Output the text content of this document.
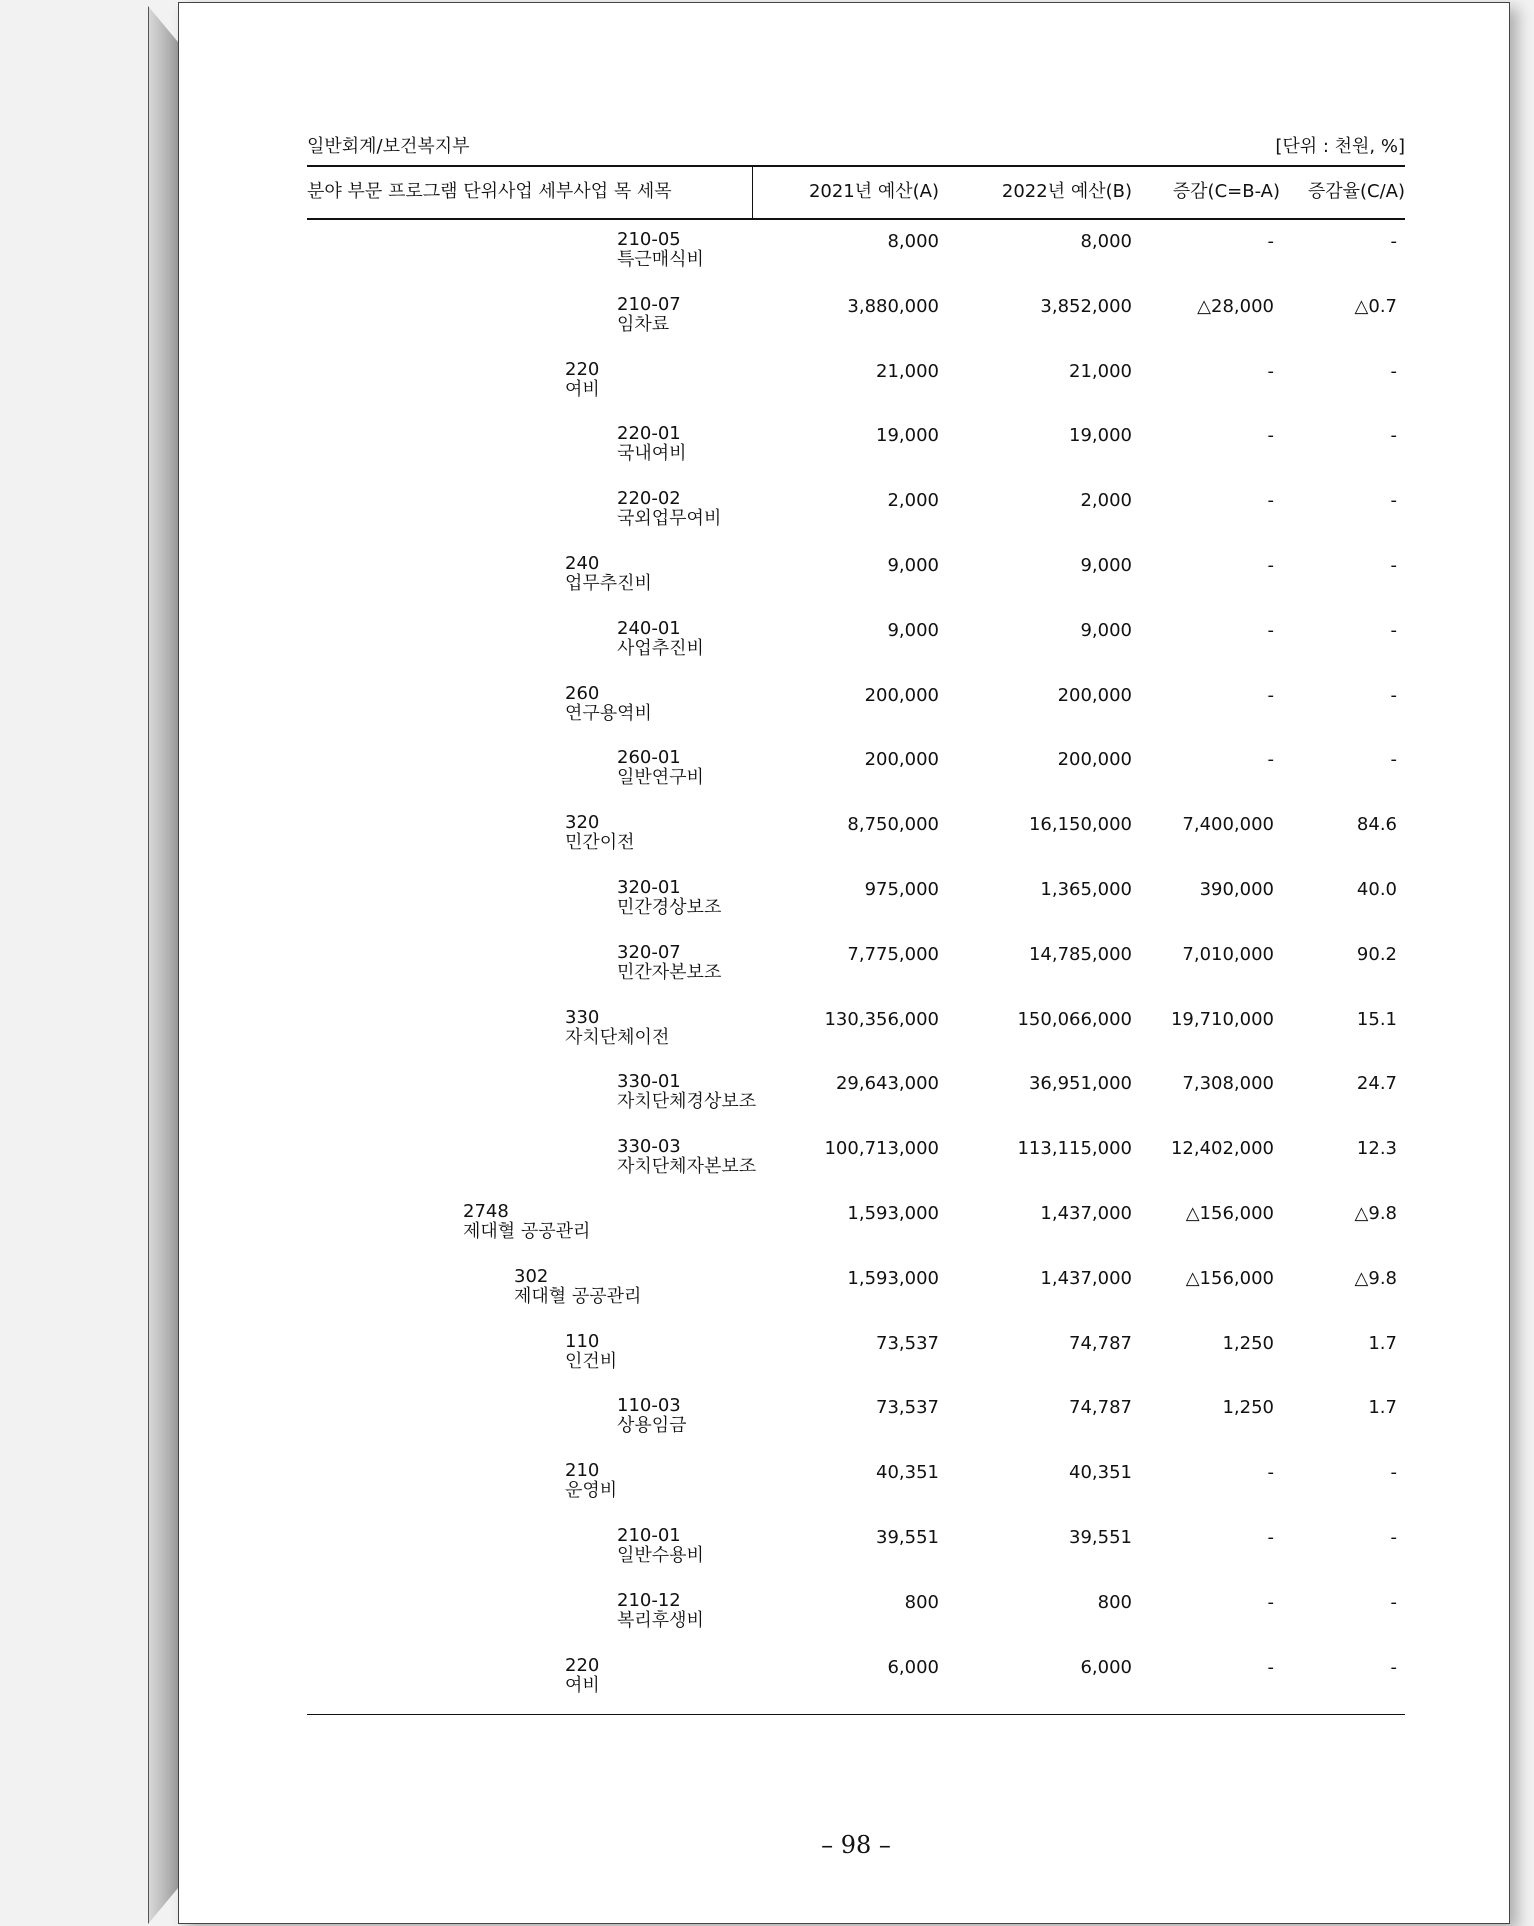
일반회계/보건복지부	[단위 : 천원, %]
분야 부문 프로그램 단위사업 세부사업 목 세목	2021년 예산(A)	2022년 예산(B) 증감(C=B-A) 증감율(C/A)
210-05
특근매식비
8,000	8,000	-	-
210-07
임차료
3,880,000	3,852,000	△28,000	△0.7
220
여비
21,000	21,000	-	-
220-01
국내여비
19,000	19,000	-	-
220-02
국외업무여비
2,000	2,000	-	-
240
업무추진비
9,000	9,000	-	-
240-01
사업추진비
9,000	9,000	-	-
260
연구용역비
200,000	200,000	-	-
260-01
일반연구비
200,000	200,000	-	-
320
민간이전
8,750,000	16,150,000	7,400,000	84.6
320-01
민간경상보조
975,000	1,365,000	390,000	40.0
320-07
민간자본보조
7,775,000	14,785,000	7,010,000	90.2
330
자치단체이전
130,356,000	150,066,000 19,710,000	15.1
330-01
자치단체경상보조
29,643,000	36,951,000	7,308,000	24.7
330-03
자치단체자본보조
100,713,000	113,115,000 12,402,000	12.3
2748
제대혈 공공관리
1,593,000	1,437,000	△156,000	△9.8
302
제대혈 공공관리
1,593,000	1,437,000	△156,000	△9.8
110
인건비
73,537	74,787	1,250	1.7
110-03
상용임금
73,537	74,787	1,250	1.7
210
운영비
40,351	40,351	-	-
210-01
일반수용비
39,551	39,551	-	-
210-12
복리후생비
800	800	-	-
220
여비
6,000	6,000	-	-
– 98 –
